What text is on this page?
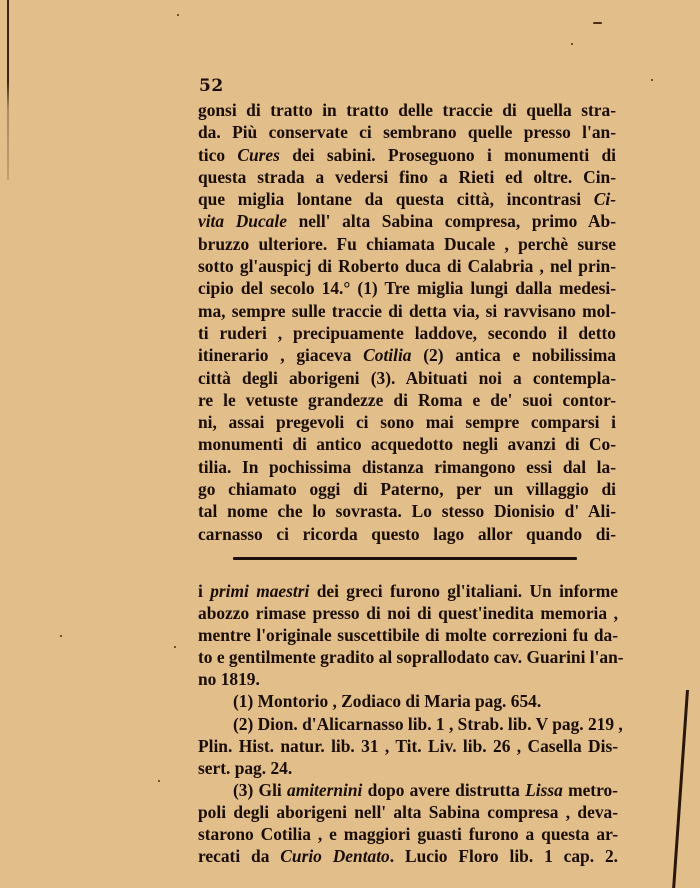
52
gonsi di tratto in tratto delle traccie di quella stra-
da. Più conservate ci sembrano quelle presso l'an-
tico Cures dei sabini. Proseguono i monumenti di
questa strada a vedersi fino a Rieti ed oltre. Cin-
que miglia lontane da questa città, incontrasi Ci-
vita Ducale nell' alta Sabina compresa, primo Ab-
bruzzo ulteriore. Fu chiamata Ducale , perchè surse
sotto gl'auspicj di Roberto duca di Calabria , nel prin-
cipio del secolo 14.° (1) Tre miglia lungi dalla medesi-
ma, sempre sulle traccie di detta via, si ravvisano mol-
ti ruderi , precipuamente laddove, secondo il detto
itinerario , giaceva Cotilia (2) antica e nobilissima
città degli aborigeni (3). Abituati noi a contempla-
re le vetuste grandezze di Roma e de' suoi contor-
ni, assai pregevoli ci sono mai sempre comparsi i
monumenti di antico acquedotto negli avanzi di Co-
tilia. In pochissima distanza rimangono essi dal la-
go chiamato oggi di Paterno, per un villaggio di
tal nome che lo sovrasta. Lo stesso Dionisio d' Ali-
carnasso ci ricorda questo lago allor quando di-
i primi maestri dei greci furono gl'italiani. Un informe
abozzo rimase presso di noi di quest'inedita memoria ,
mentre l'originale suscettibile di molte correzioni fu da-
to e gentilmente gradito al soprallodato cav. Guarini l'an-
no 1819.
(1) Montorio , Zodiaco di Maria pag. 654.
(2) Dion. d'Alicarnasso lib. 1 , Strab. lib. V pag. 219 ,
Plin. Hist. natur. lib. 31 , Tit. Liv. lib. 26 , Casella Dis-
sert. pag. 24.
(3) Gli amiternini dopo avere distrutta Lissa metro-
poli degli aborigeni nell' alta Sabina compresa , deva-
starono Cotilia , e maggiori guasti furono a questa ar-
recati da Curio Dentato. Lucio Floro lib. 1 cap. 2.
